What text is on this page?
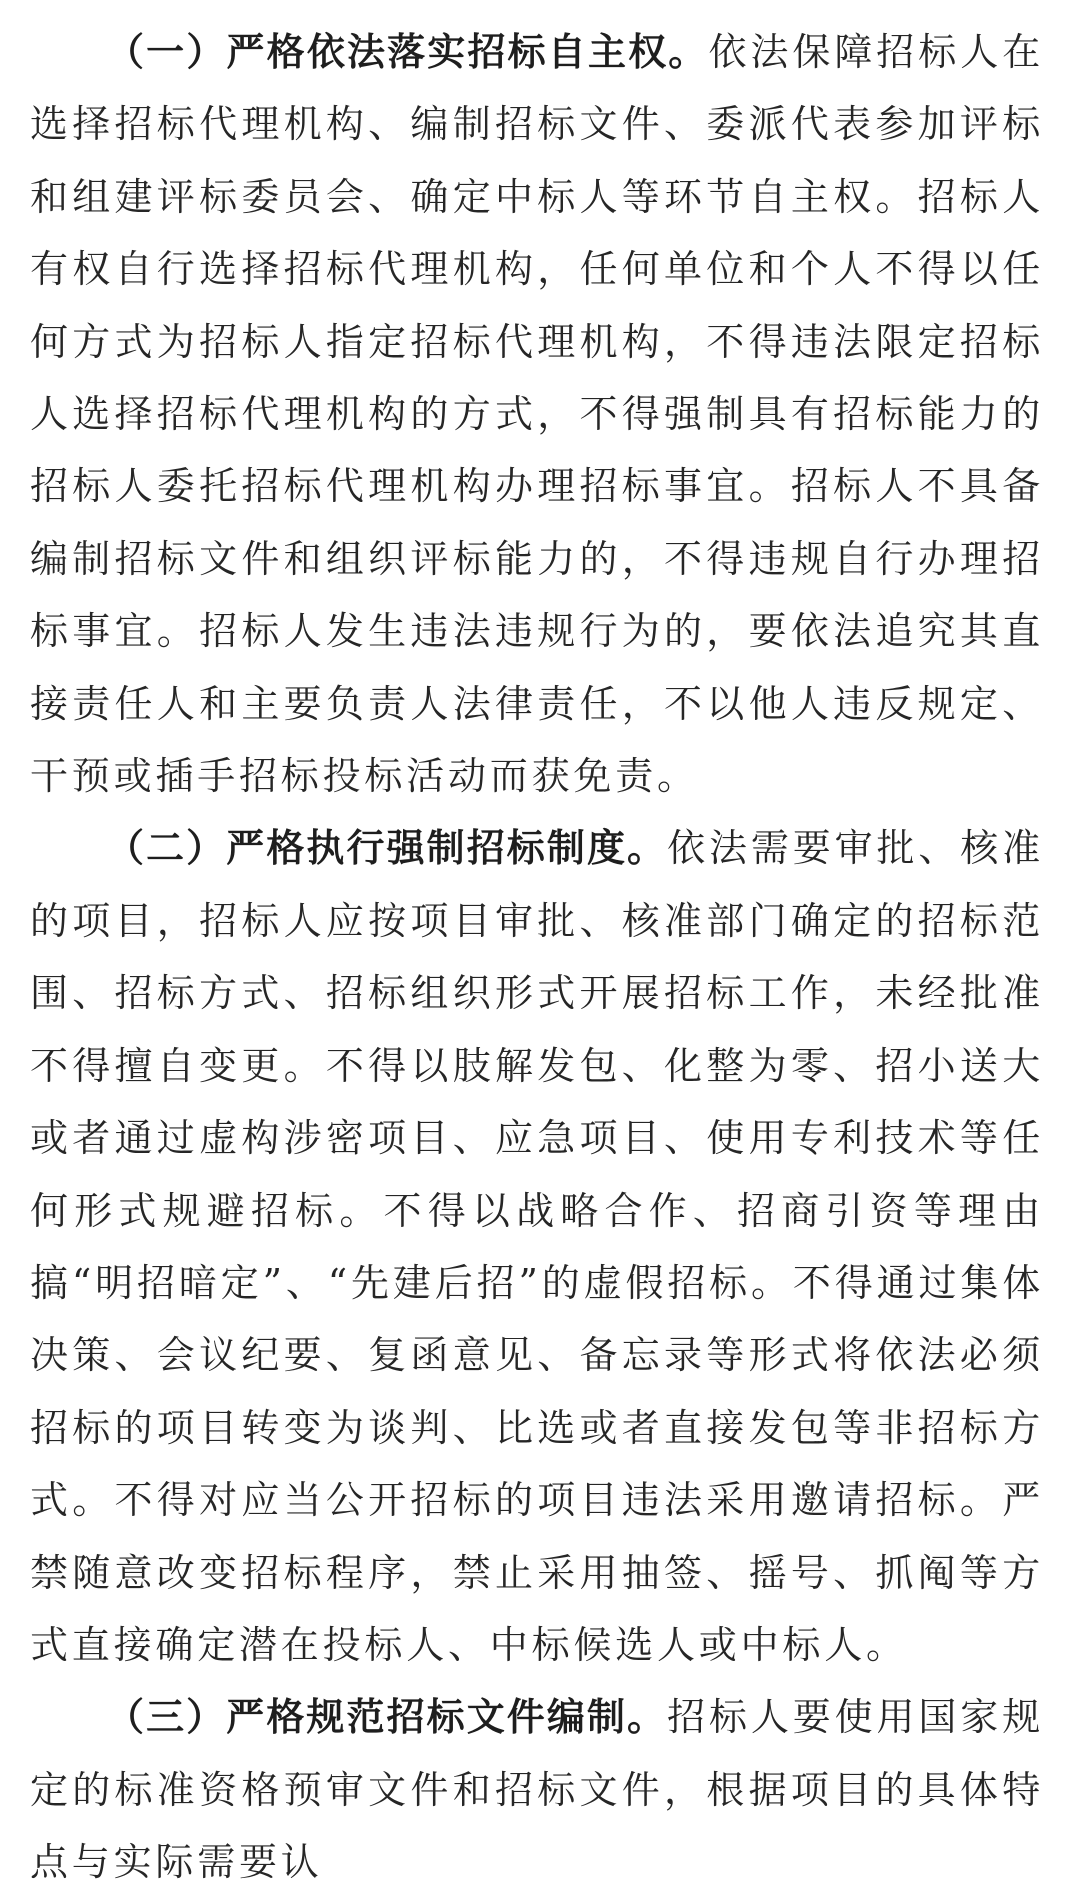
（一）严格依法落实招标自主权。依法保障招标人在选择招标代理机构、编制招标文件、委派代表参加评标和组建评标委员会、确定中标人等环节自主权。招标人有权自行选择招标代理机构，任何单位和个人不得以任何方式为招标人指定招标代理机构，不得违法限定招标人选择招标代理机构的方式，不得强制具有招标能力的招标人委托招标代理机构办理招标事宜。招标人不具备编制招标文件和组织评标能力的，不得违规自行办理招标事宜。招标人发生违法违规行为的，要依法追究其直接责任人和主要负责人法律责任，不以他人违反规定、干预或插手招标投标活动而获免责。

（二）严格执行强制招标制度。依法需要审批、核准的项目，招标人应按项目审批、核准部门确定的招标范围、招标方式、招标组织形式开展招标工作，未经批准不得擅自变更。不得以肢解发包、化整为零、招小送大或者通过虚构涉密项目、应急项目、使用专利技术等任何形式规避招标。不得以战略合作、招商引资等理由搞“明招暗定”、“先建后招”的虚假招标。不得通过集体决策、会议纪要、复函意见、备忘录等形式将依法必须招标的项目转变为谈判、比选或者直接发包等非招标方式。不得对应当公开招标的项目违法采用邀请招标。严禁随意改变招标程序，禁止采用抽签、摇号、抓阄等方式直接确定潜在投标人、中标候选人或中标人。

（三）严格规范招标文件编制。招标人要使用国家规定的标准资格预审文件和招标文件，根据项目的具体特点与实际需要认
